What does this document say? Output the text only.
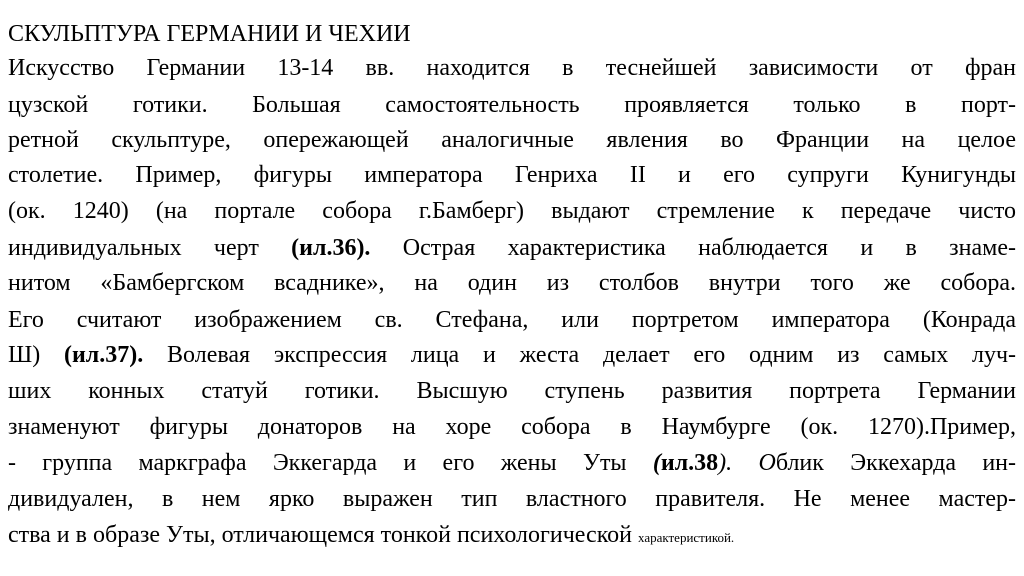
СКУЛЬПТУРА ГЕРМАНИИ И ЧЕХИИ
Искусство Германии 13-14 вв. находится в теснейшей зависимости от фран
цузской готики. Большая самостоятельность проявляется только в порт-
ретной скульптуре, опережающей аналогичные явления во Франции на целое
столетие. Пример, фигуры императора Генриха II и его супруги Кунигунды
(ок. 1240) (на портале собора г.Бамберг) выдают стремление к передаче чисто
индивидуальных черт (ил.36). Острая характеристика наблюдается и в знаме-
нитом «Бамбергском всаднике», на один из столбов внутри того же собора.
Его считают изображением св. Стефана, или портретом императора (Конрада
Ш) (ил.37). Волевая экспрессия лица и жеста делает его одним из самых луч-
ших конных статуй готики. Высшую ступень развития портрета Германии
знаменуют фигуры донаторов на хоре собора в Наумбурге (ок. 1270).Пример,
- группа маркграфа Эккегарда и его жены Уты (ил.38). Облик Эккехарда ин-
дивидуален, в нем ярко выражен тип властного правителя. Не менее мастер-
ства и в образе Уты, отличающемся тонкой психологической характеристикой.
